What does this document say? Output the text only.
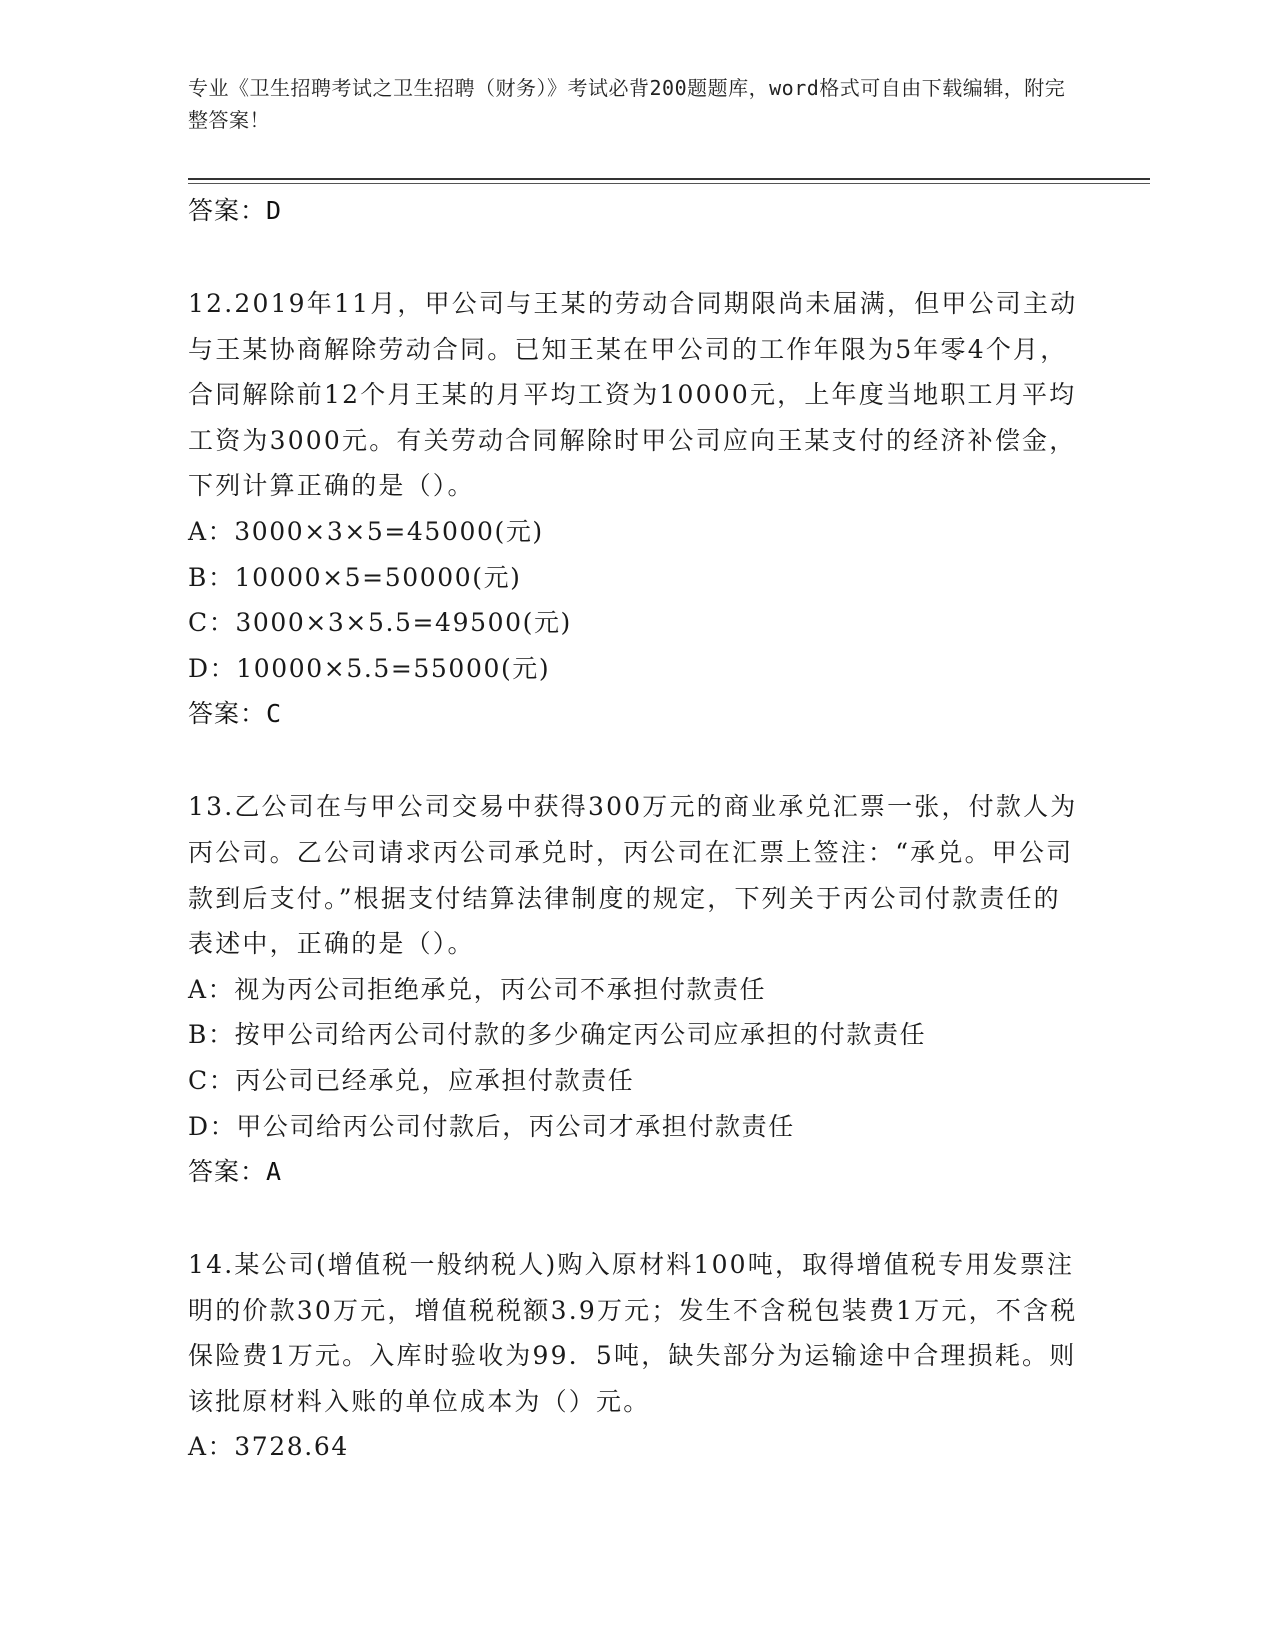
专业《卫生招聘考试之卫生招聘（财务）》考试必背200题题库，word格式可自由下载编辑，附完整答案！

答案：D

12.2019年11月，甲公司与王某的劳动合同期限尚未届满，但甲公司主动与王某协商解除劳动合同。已知王某在甲公司的工作年限为5年零4个月，合同解除前12个月王某的月平均工资为10000元，上年度当地职工月平均工资为3000元。有关劳动合同解除时甲公司应向王某支付的经济补偿金，下列计算正确的是（）。

A：3000×3×5=45000(元)

B：10000×5=50000(元)

C：3000×3×5.5=49500(元)

D：10000×5.5=55000(元)

答案：C

13.乙公司在与甲公司交易中获得300万元的商业承兑汇票一张，付款人为丙公司。乙公司请求丙公司承兑时，丙公司在汇票上签注：“承兑。甲公司款到后支付。”根据支付结算法律制度的规定，下列关于丙公司付款责任的表述中，正确的是（）。

A：视为丙公司拒绝承兑，丙公司不承担付款责任

B：按甲公司给丙公司付款的多少确定丙公司应承担的付款责任

C：丙公司已经承兑，应承担付款责任

D：甲公司给丙公司付款后，丙公司才承担付款责任

答案：A

14.某公司(增值税一般纳税人)购入原材料100吨，取得增值税专用发票注明的价款30万元，增值税税额3.9万元；发生不含税包装费1万元，不含税保险费1万元。入库时验收为99．5吨，缺失部分为运输途中合理损耗。则该批原材料入账的单位成本为（）元。

A：3728.64
